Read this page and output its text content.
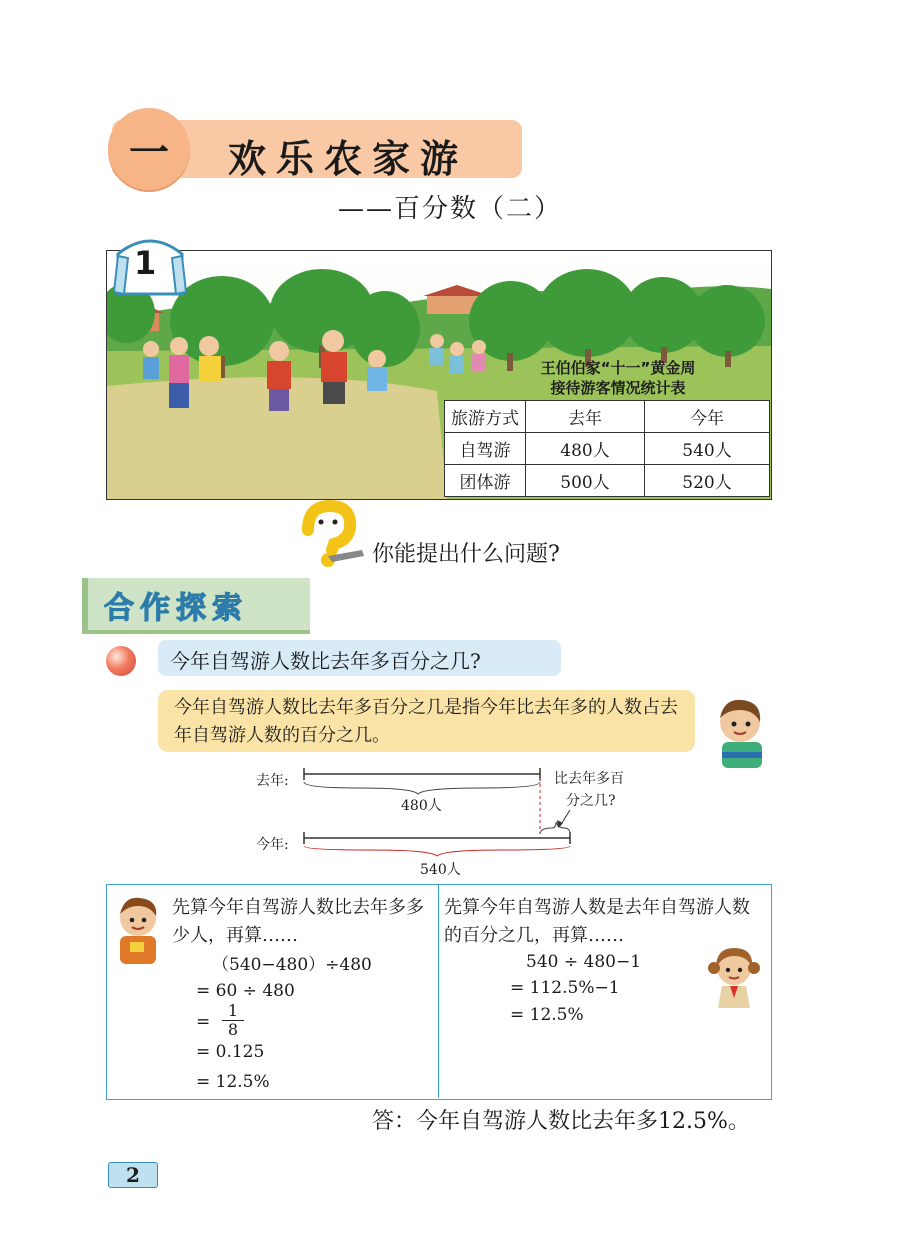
一	欢乐农家游
——百分数（二）
1
王伯伯家“十一”黄金周
接待游客情况统计表
旅游方式	去年	今年
自驾游	480人	540人
团体游	500人	520人
你能提出什么问题?
合作探索
今年自驾游人数比去年多百分之几?
今年自驾游人数比去年多百分之几是指今年比去年多的人数占去年自驾游人数的百分之几。
去年:
今年:
480人
540人
比去年多百
分之几?
先算今年自驾游人数比去年多多少人，再算……
（540−480）÷480
= 60 ÷ 480
= $\frac{1}{8}$
= 0.125
= 12.5%
先算今年自驾游人数是去年自驾游人数的百分之几，再算……
540 ÷ 480−1
= 112.5%−1
= 12.5%
答：今年自驾游人数比去年多12.5%。
2
